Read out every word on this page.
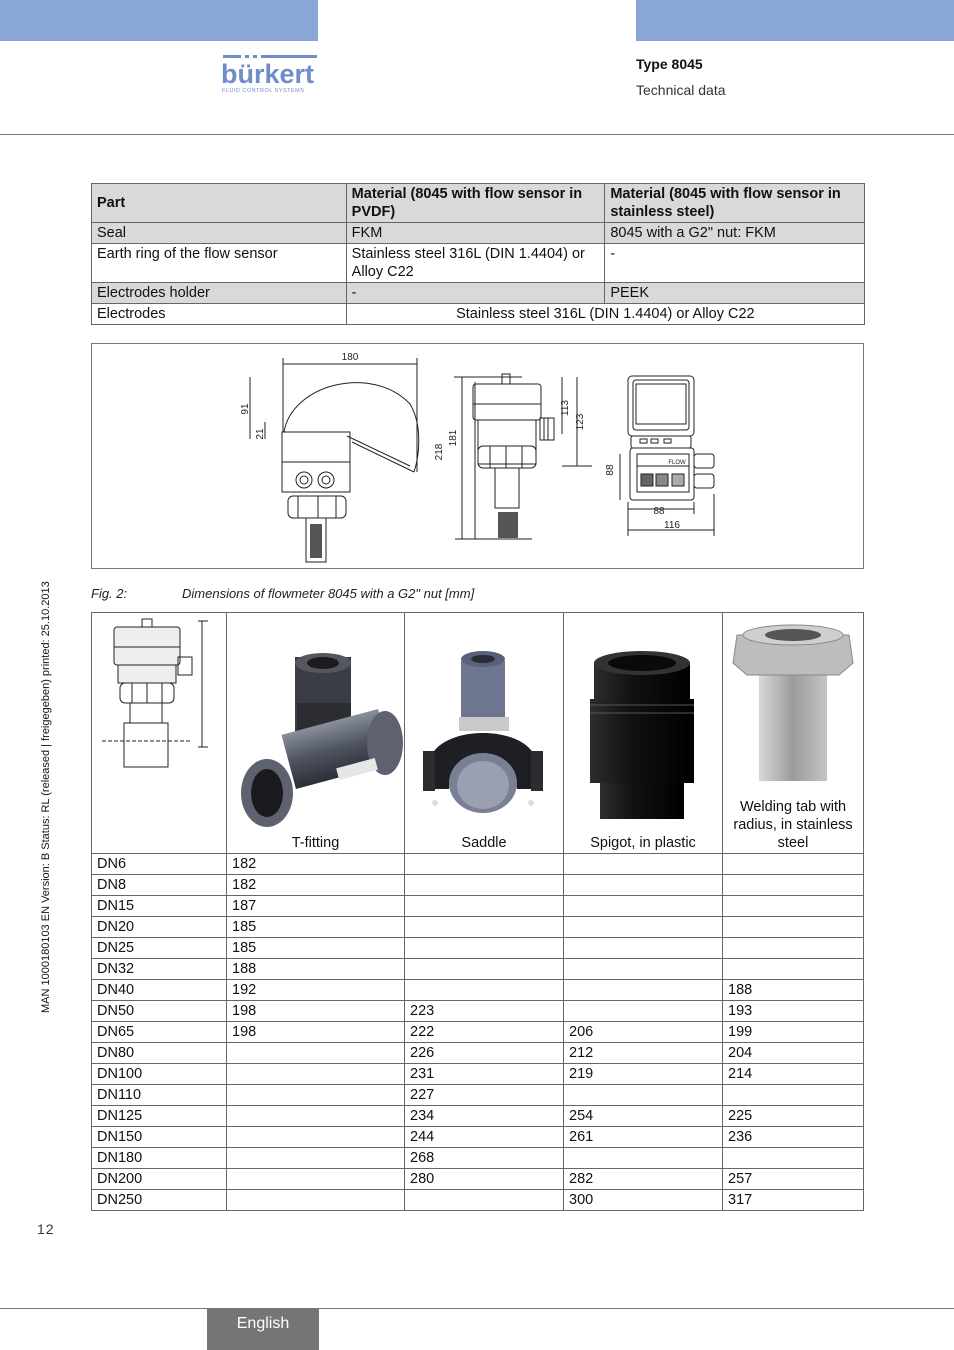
bürkert
FLUID CONTROL SYSTEMS
Type 8045
Technical data
MAN 1000180103 EN Version: B Status: RL (released | freigegeben) printed: 25.10.2013
12
Part	Material (8045 with flow sensor in PVDF)	Material (8045 with flow sensor in stainless steel)
Seal	FKM	8045 with a G2" nut: FKM
Earth ring of the flow sensor	Stainless steel 316L (DIN 1.4404) or Alloy C22	-
Electrodes holder	-	PEEK
Electrodes	Stainless steel 316L (DIN 1.4404) or Alloy C22	
180
91
21
218
181
113
123
88
88
116
FLOW
Fig. 2:	Dimensions of flowmeter 8045 with a G2" nut [mm]

T-fitting	Saddle	Spigot, in plastic	Welding tab with radius, in stainless steel

DN6	182			
DN8	182			
DN15	187			
DN20	185			
DN25	185			
DN32	188			
DN40	192			188
DN50	198	223		193
DN65	198	222	206	199
DN80		226	212	204
DN100		231	219	214
DN110		227		
DN125		234	254	225
DN150		244	261	236
DN180		268		
DN200		280	282	257
DN250			300	317
English
